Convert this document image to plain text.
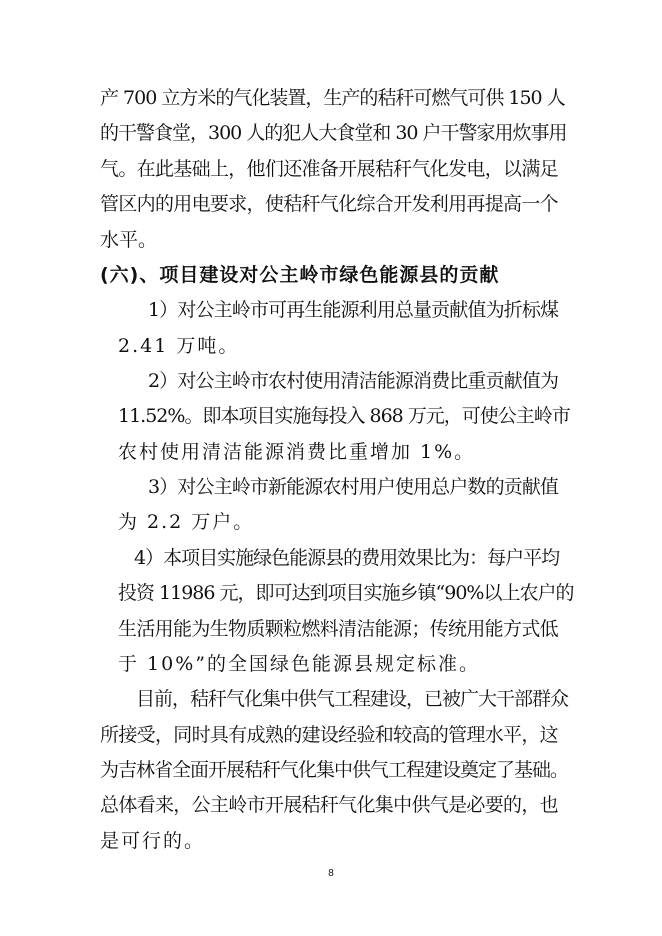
产 700 立方米的气化装置，生产的秸秆可燃气可供 150 人
的干警食堂，300 人的犯人大食堂和 30 户干警家用炊事用
气。在此基础上，他们还准备开展秸秆气化发电，以满足
管区内的用电要求，使秸秆气化综合开发利用再提高一个
水平。
(六)、项目建设对公主岭市绿色能源县的贡献
1）对公主岭市可再生能源利用总量贡献值为折标煤
2.41 万吨。
2）对公主岭市农村使用清洁能源消费比重贡献值为
11.52%。即本项目实施每投入 868 万元，可使公主岭市
农村使用清洁能源消费比重增加 1%。
3）对公主岭市新能源农村用户使用总户数的贡献值
为 2.2 万户。
4）本项目实施绿色能源县的费用效果比为：每户平均
投资 11986 元，即可达到项目实施乡镇“90%以上农户的
生活用能为生物质颗粒燃料清洁能源；传统用能方式低
于 10%”的全国绿色能源县规定标准。
目前，秸秆气化集中供气工程建设，已被广大干部群众
所接受，同时具有成熟的建设经验和较高的管理水平，这
为吉林省全面开展秸秆气化集中供气工程建设奠定了基础。
总体看来，公主岭市开展秸秆气化集中供气是必要的，也
是可行的。
8
